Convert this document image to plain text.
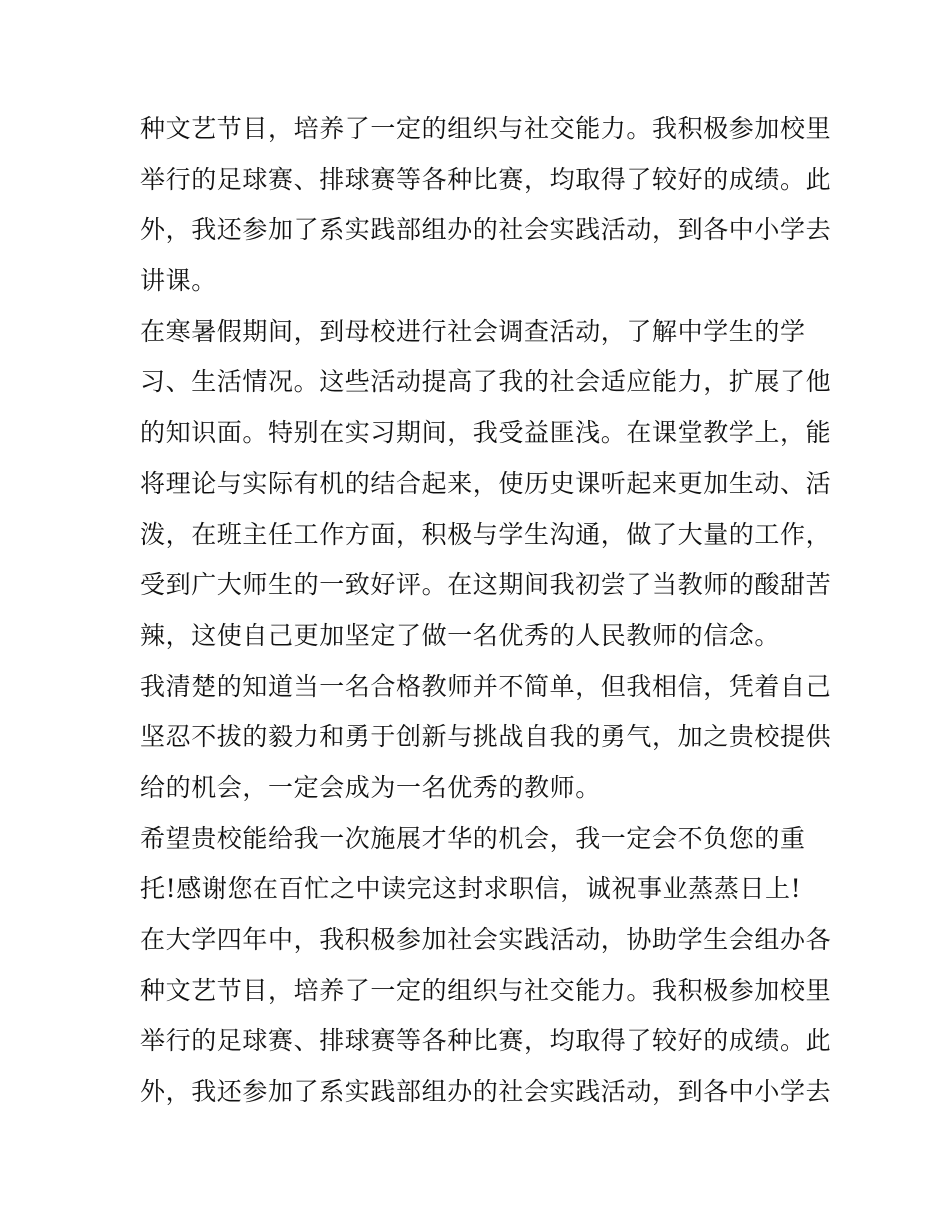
种文艺节目，培养了一定的组织与社交能力。我积极参加校里
举行的足球赛、排球赛等各种比赛，均取得了较好的成绩。此
外，我还参加了系实践部组办的社会实践活动，到各中小学去
讲课。
在寒暑假期间，到母校进行社会调查活动，了解中学生的学
习、生活情况。这些活动提高了我的社会适应能力，扩展了他
的知识面。特别在实习期间，我受益匪浅。在课堂教学上，能
将理论与实际有机的结合起来，使历史课听起来更加生动、活
泼，在班主任工作方面，积极与学生沟通，做了大量的工作，
受到广大师生的一致好评。在这期间我初尝了当教师的酸甜苦
辣，这使自己更加坚定了做一名优秀的人民教师的信念。
我清楚的知道当一名合格教师并不简单，但我相信，凭着自己
坚忍不拔的毅力和勇于创新与挑战自我的勇气，加之贵校提供
给的机会，一定会成为一名优秀的教师。
希望贵校能给我一次施展才华的机会，我一定会不负您的重
托!感谢您在百忙之中读完这封求职信，诚祝事业蒸蒸日上!
在大学四年中，我积极参加社会实践活动，协助学生会组办各
种文艺节目，培养了一定的组织与社交能力。我积极参加校里
举行的足球赛、排球赛等各种比赛，均取得了较好的成绩。此
外，我还参加了系实践部组办的社会实践活动，到各中小学去
